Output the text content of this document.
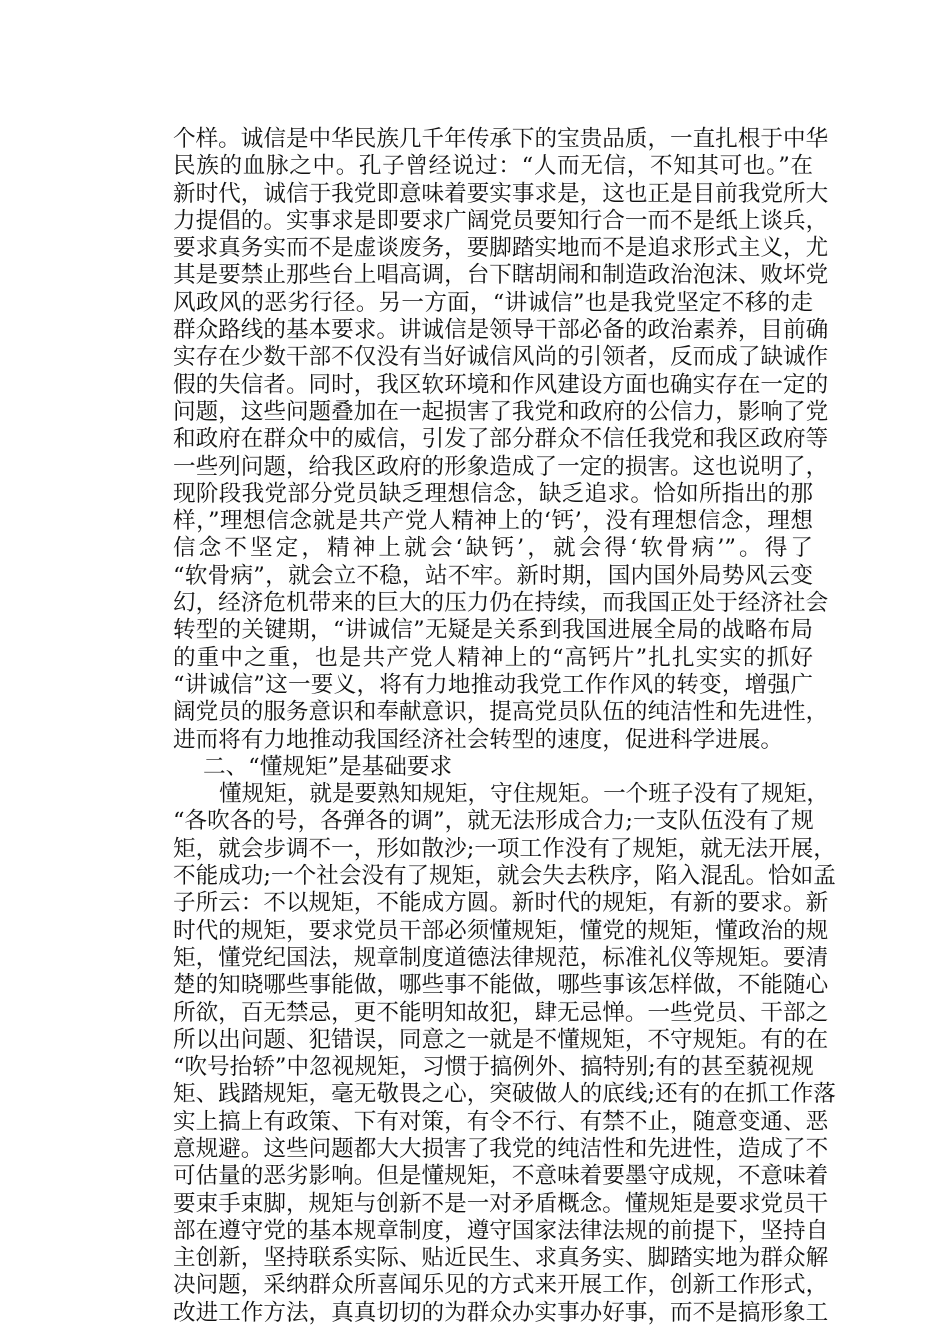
个样。诚信是中华民族几千年传承下的宝贵品质，一直扎根于中华
民族的血脉之中。孔子曾经说过：“人而无信，不知其可也。”在
新时代，诚信于我党即意味着要实事求是，这也正是目前我党所大
力提倡的。实事求是即要求广阔党员要知行合一而不是纸上谈兵，
要求真务实而不是虚谈废务，要脚踏实地而不是追求形式主义，尤
其是要禁止那些台上唱高调，台下瞎胡闹和制造政治泡沫、败坏党
风政风的恶劣行径。另一方面，“讲诚信”也是我党坚定不移的走
群众路线的基本要求。讲诚信是领导干部必备的政治素养，目前确
实存在少数干部不仅没有当好诚信风尚的引领者，反而成了缺诚作
假的失信者。同时，我区软环境和作风建设方面也确实存在一定的
问题，这些问题叠加在一起损害了我党和政府的公信力，影响了党
和政府在群众中的威信，引发了部分群众不信任我党和我区政府等
一些列问题，给我区政府的形象造成了一定的损害。这也说明了，
现阶段我党部分党员缺乏理想信念，缺乏追求。恰如所指出的那
样，”理想信念就是共产党人精神上的‘钙’，没有理想信念，理想
信念不坚定，精神上就会‘缺钙’，就会得‘软骨病’”。得了
“软骨病”，就会立不稳，站不牢。新时期，国内国外局势风云变
幻，经济危机带来的巨大的压力仍在持续，而我国正处于经济社会
转型的关键期，“讲诚信”无疑是关系到我国进展全局的战略布局
的重中之重，也是共产党人精神上的“高钙片”扎扎实实的抓好
“讲诚信”这一要义，将有力地推动我党工作作风的转变，增强广
阔党员的服务意识和奉献意识，提高党员队伍的纯洁性和先进性，
进而将有力地推动我国经济社会转型的速度，促进科学进展。
二、“懂规矩”是基础要求
懂规矩，就是要熟知规矩，守住规矩。一个班子没有了规矩，
“各吹各的号，各弹各的调”，就无法形成合力;一支队伍没有了规
矩，就会步调不一，形如散沙;一项工作没有了规矩，就无法开展，
不能成功;一个社会没有了规矩，就会失去秩序，陷入混乱。恰如孟
子所云：不以规矩，不能成方圆。新时代的规矩，有新的要求。新
时代的规矩，要求党员干部必须懂规矩，懂党的规矩，懂政治的规
矩，懂党纪国法，规章制度道德法律规范，标准礼仪等规矩。要清
楚的知晓哪些事能做，哪些事不能做，哪些事该怎样做，不能随心
所欲，百无禁忌，更不能明知故犯，肆无忌惮。一些党员、干部之
所以出问题、犯错误，同意之一就是不懂规矩，不守规矩。有的在
“吹号抬轿”中忽视规矩，习惯于搞例外、搞特别;有的甚至藐视规
矩、践踏规矩，毫无敬畏之心，突破做人的底线;还有的在抓工作落
实上搞上有政策、下有对策，有令不行、有禁不止，随意变通、恶
意规避。这些问题都大大损害了我党的纯洁性和先进性，造成了不
可估量的恶劣影响。但是懂规矩，不意味着要墨守成规，不意味着
要束手束脚，规矩与创新不是一对矛盾概念。懂规矩是要求党员干
部在遵守党的基本规章制度，遵守国家法律法规的前提下，坚持自
主创新，坚持联系实际、贴近民生、求真务实、脚踏实地为群众解
决问题，采纳群众所喜闻乐见的方式来开展工作，创新工作形式，
改进工作方法，真真切切的为群众办实事办好事，而不是搞形象工
